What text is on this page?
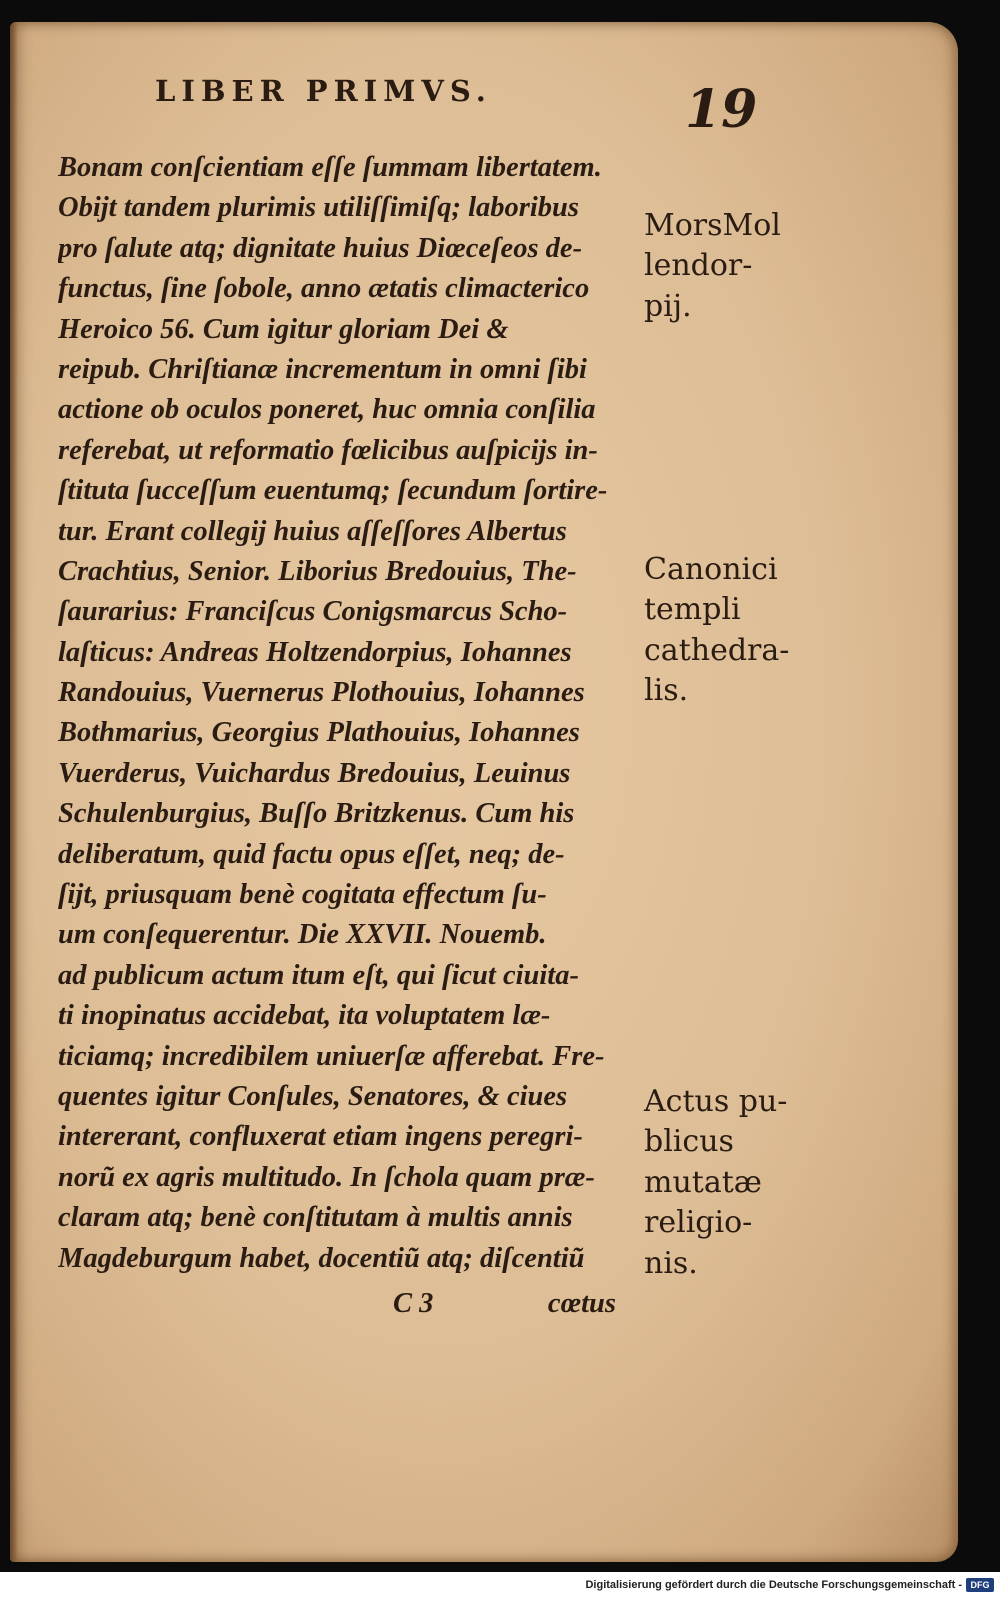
LIBER PRIMVS.	19
Bonam conſcientiam eſſe ſummam libertatem.
Obijt tandem plurimis utiliſſimiſq; laboribus
pro ſalute atq; dignitate huius Diœceſeos de-
functus, ſine ſobole, anno ætatis climacterico
Heroico 56. Cum igitur gloriam Dei &
reipub. Chriſtianæ incrementum in omni ſibi
actione ob oculos poneret, huc omnia conſilia
referebat, ut reformatio fœlicibus auſpicijs in-
ſtituta ſucceſſum euentumq; ſecundum ſortire-
tur. Erant collegij huius aſſeſſores Albertus
Crachtius, Senior. Liborius Bredouius, The-
ſaurarius: Franciſcus Conigsmarcus Scho-
laſticus: Andreas Holtzendorpius, Iohannes
Randouius, Vuernerus Plothouius, Iohannes
Bothmarius, Georgius Plathouius, Iohannes
Vuerderus, Vuichardus Bredouius, Leuinus
Schulenburgius, Buſſo Britzkenus. Cum his
deliberatum, quid factu opus eſſet, neq; de-
ſijt, priusquam benè cogitata effectum ſu-
um conſequerentur. Die XXVII. Nouemb.
ad publicum actum itum eſt, qui ſicut ciuita-
ti inopinatus accidebat, ita voluptatem læ-
ticiamq; incredibilem uniuerſæ afferebat. Fre-
quentes igitur Conſules, Senatores, & ciues
intererant, confluxerat etiam ingens peregri-
norũ ex agris multitudo. In ſchola quam præ-
claram atq; benè conſtitutam à multis annis
Magdeburgum habet, docentiũ atq; diſcentiũ
C 3	cœtus
MorsMol
lendor-
pij.
Canonici
templi
cathedra-
lis.
Actus pu-
blicus
mutatæ
religio-
nis.
Digitalisierung gefördert durch die Deutsche Forschungsgemeinschaft - DFG
